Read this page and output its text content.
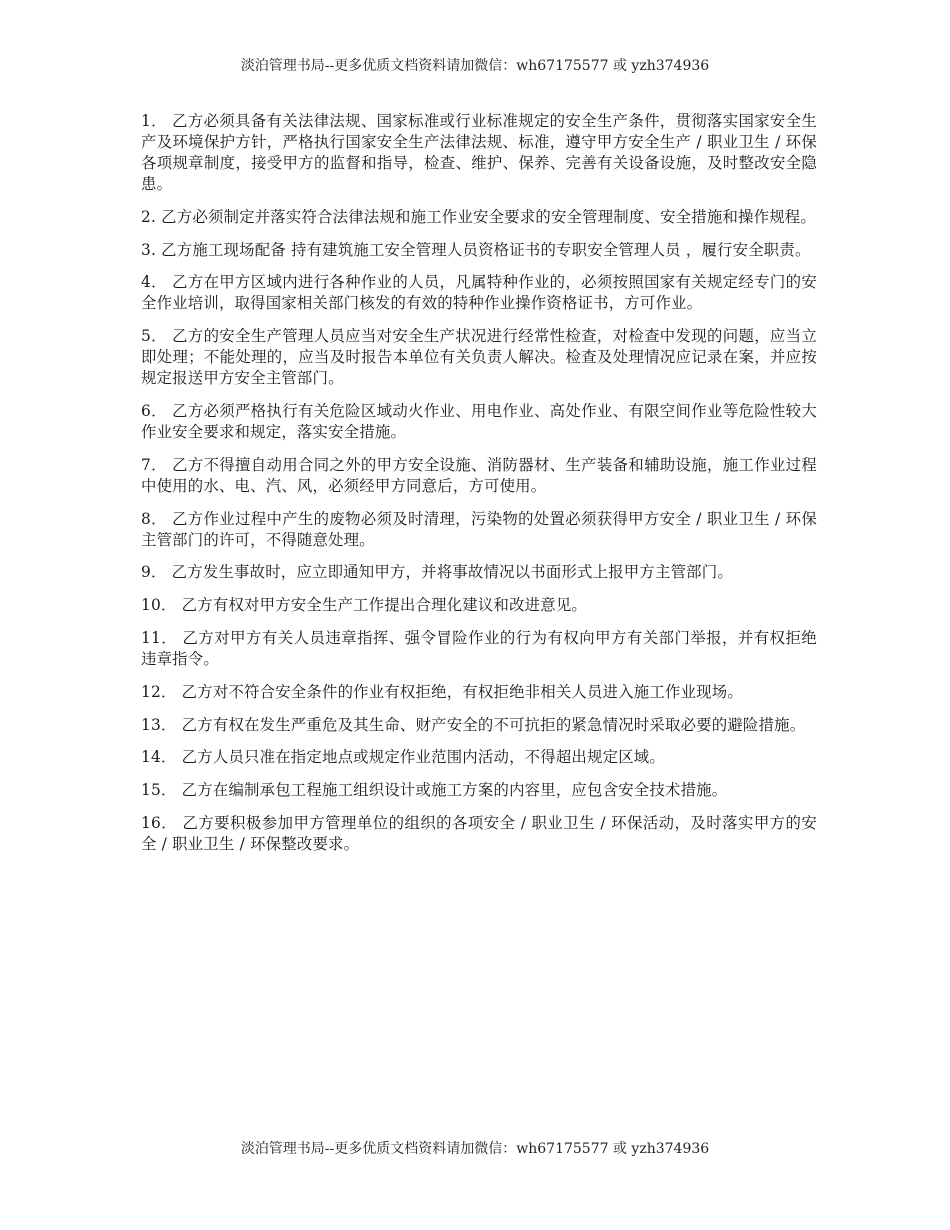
淡泊管理书局--更多优质文档资料请加微信：wh67175577 或 yzh374936

1． 乙方必须具备有关法律法规、国家标准或行业标准规定的安全生产条件，贯彻落实国家安全生产及环境保护方针，严格执行国家安全生产法律法规、标准，遵守甲方安全生产 / 职业卫生 / 环保各项规章制度，接受甲方的监督和指导，检查、维护、保养、完善有关设备设施，及时整改安全隐患。

2. 乙方必须制定并落实符合法律法规和施工作业安全要求的安全管理制度、安全措施和操作规程。

3. 乙方施工现场配备 持有建筑施工安全管理人员资格证书的专职安全管理人员 ，履行安全职责。

4． 乙方在甲方区域内进行各种作业的人员，凡属特种作业的，必须按照国家有关规定经专门的安全作业培训，取得国家相关部门核发的有效的特种作业操作资格证书，方可作业。

5． 乙方的安全生产管理人员应当对安全生产状况进行经常性检查，对检查中发现的问题，应当立即处理；不能处理的，应当及时报告本单位有关负责人解决。检查及处理情况应记录在案，并应按规定报送甲方安全主管部门。

6． 乙方必须严格执行有关危险区域动火作业、用电作业、高处作业、有限空间作业等危险性较大作业安全要求和规定，落实安全措施。

7． 乙方不得擅自动用合同之外的甲方安全设施、消防器材、生产装备和辅助设施，施工作业过程中使用的水、电、汽、风，必须经甲方同意后，方可使用。

8． 乙方作业过程中产生的废物必须及时清理，污染物的处置必须获得甲方安全 / 职业卫生 / 环保主管部门的许可，不得随意处理。

9． 乙方发生事故时，应立即通知甲方，并将事故情况以书面形式上报甲方主管部门。

10． 乙方有权对甲方安全生产工作提出合理化建议和改进意见。

11． 乙方对甲方有关人员违章指挥、强令冒险作业的行为有权向甲方有关部门举报，并有权拒绝违章指令。

12． 乙方对不符合安全条件的作业有权拒绝，有权拒绝非相关人员进入施工作业现场。

13． 乙方有权在发生严重危及其生命、财产安全的不可抗拒的紧急情况时采取必要的避险措施。

14． 乙方人员只准在指定地点或规定作业范围内活动，不得超出规定区域。

15． 乙方在编制承包工程施工组织设计或施工方案的内容里，应包含安全技术措施。

16． 乙方要积极参加甲方管理单位的组织的各项安全 / 职业卫生 / 环保活动，及时落实甲方的安全 / 职业卫生 / 环保整改要求。

淡泊管理书局--更多优质文档资料请加微信：wh67175577 或 yzh374936
